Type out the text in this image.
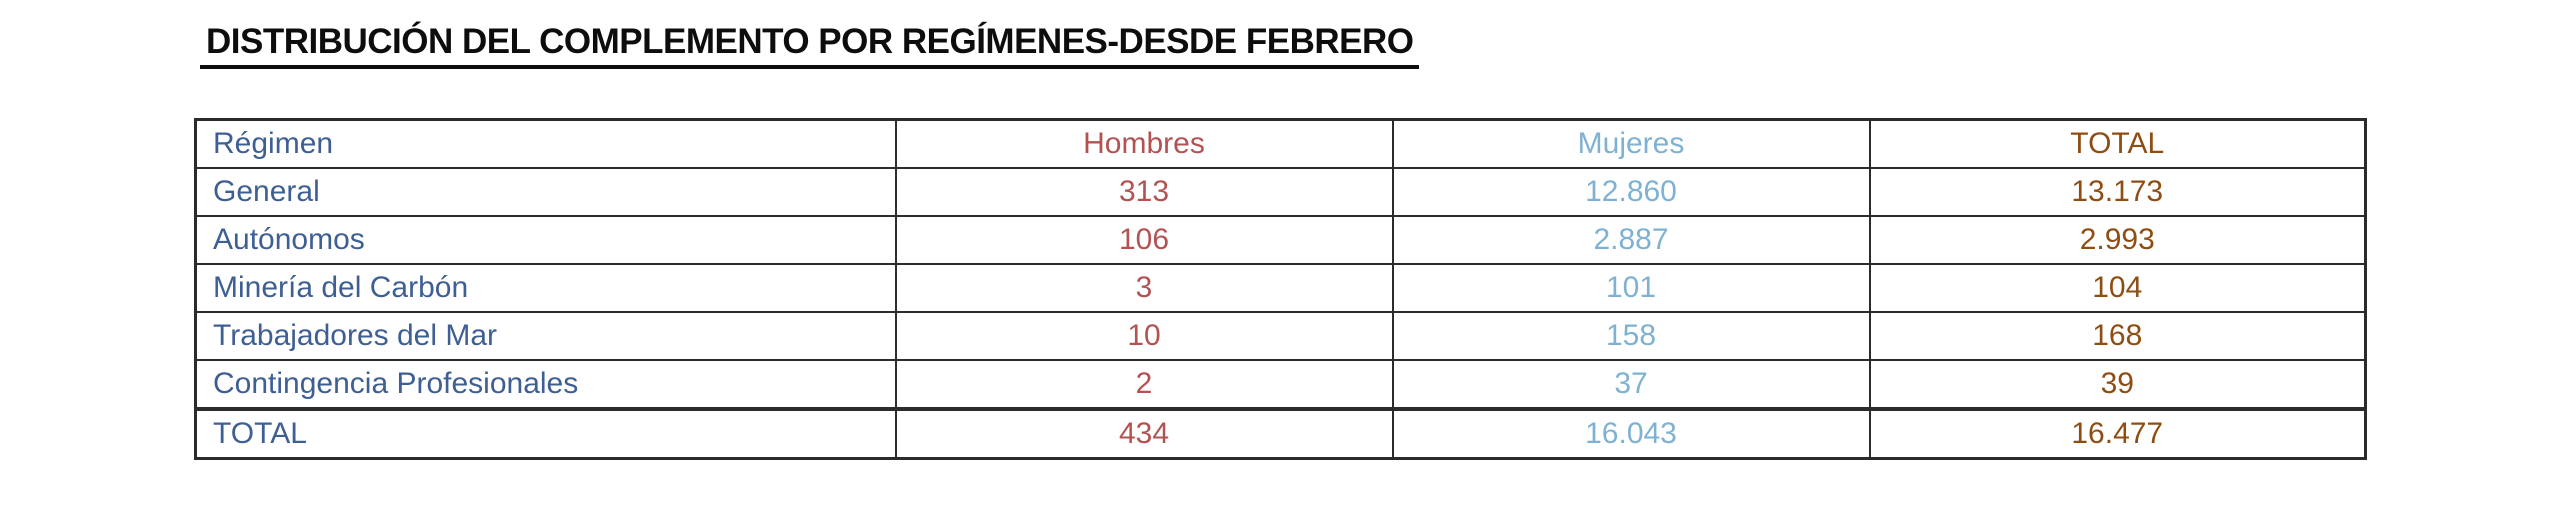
DISTRIBUCIÓN DEL COMPLEMENTO POR REGÍMENES-DESDE FEBRERO
Régimen	Hombres	Mujeres	TOTAL
General	313	12.860	13.173
Autónomos	106	2.887	2.993
Minería del Carbón	3	101	104
Trabajadores del Mar	10	158	168
Contingencia Profesionales	2	37	39
TOTAL	434	16.043	16.477
